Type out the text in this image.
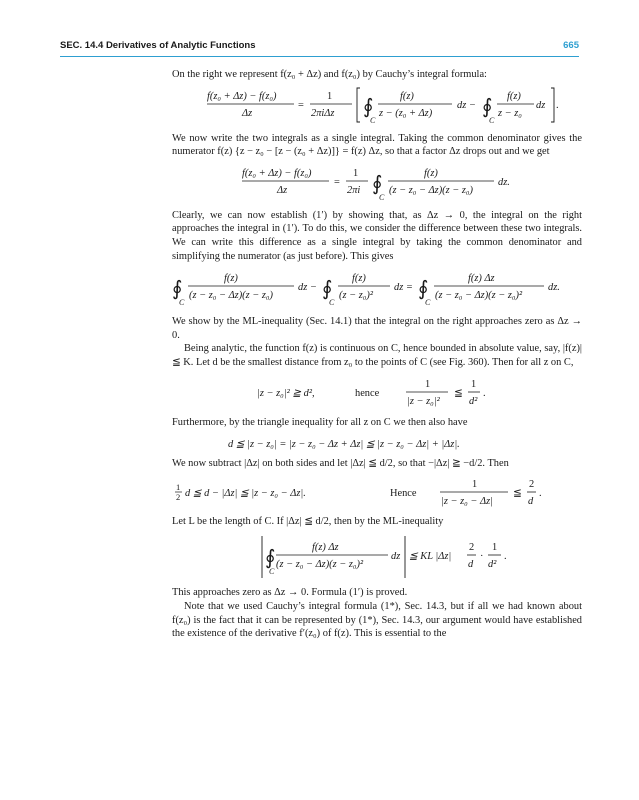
SEC. 14.4 Derivatives of Analytic Functions	665

On the right we represent f(z₀ + Δz) and f(z₀) by Cauchy’s integral formula:

f(z₀ + Δz) − f(z₀)
Δz
=
1
2πiΔz ∮
C
f(z)
z − (z₀ + Δz)
dz − ∮
C
f(z)
z − z₀
dz .

We now write the two integrals as a single integral. Taking the common denominator gives the numerator f(z) {z − z₀ − [z − (z₀ + Δz)]} = f(z) Δz, so that a factor Δz drops out and we get

f(z₀ + Δz) − f(z₀)
Δz
=
1
2πi ∮
C
f(z)
(z − z₀ − Δz)(z − z₀)
dz.

Clearly, we can now establish (1′) by showing that, as Δz → 0, the integral on the right approaches the integral in (1′). To do this, we consider the difference between these two integrals. We can write this difference as a single integral by taking the common denominator and simplifying the numerator (as just before). This gives

∮
C
f(z)
(z − z₀ − Δz)(z − z₀)
dz − ∮
C
f(z)
(z − z₀)²
dz = ∮
C
f(z) Δz
(z − z₀ − Δz)(z − z₀)²
dz.

We show by the ML-inequality (Sec. 14.1) that the integral on the right approaches zero as Δz → 0.

Being analytic, the function f(z) is continuous on C, hence bounded in absolute value, say, |f(z)| ≦ K. Let d be the smallest distance from z₀ to the points of C (see Fig. 360). Then for all z on C,

|z − z₀|² ≧ d²,	hence
1
|z − z₀|²
≦
1
d²
.

Furthermore, by the triangle inequality for all z on C we then also have

d ≦ |z − z₀| = |z − z₀ − Δz + Δz| ≦ |z − z₀ − Δz| + |Δz|.

We now subtract |Δz| on both sides and let |Δz| ≦ d/2, so that −|Δz| ≧ −d/2. Then

1
2 d ≦ d − |Δz| ≦ |z − z₀ − Δz|.	Hence
1
|z − z₀ − Δz|
≦
2
d
.

Let L be the length of C. If |Δz| ≦ d/2, then by the ML-inequality

∮
C
f(z) Δz
(z − z₀ − Δz)(z − z₀)²
dz ≦ KL |Δz|
2
d
·
1
d²
.

This approaches zero as Δz → 0. Formula (1′) is proved.

Note that we used Cauchy’s integral formula (1*), Sec. 14.3, but if all we had known about f(z₀) is the fact that it can be represented by (1*), Sec. 14.3, our argument would have established the existence of the derivative f′(z₀) of f(z). This is essential to the
